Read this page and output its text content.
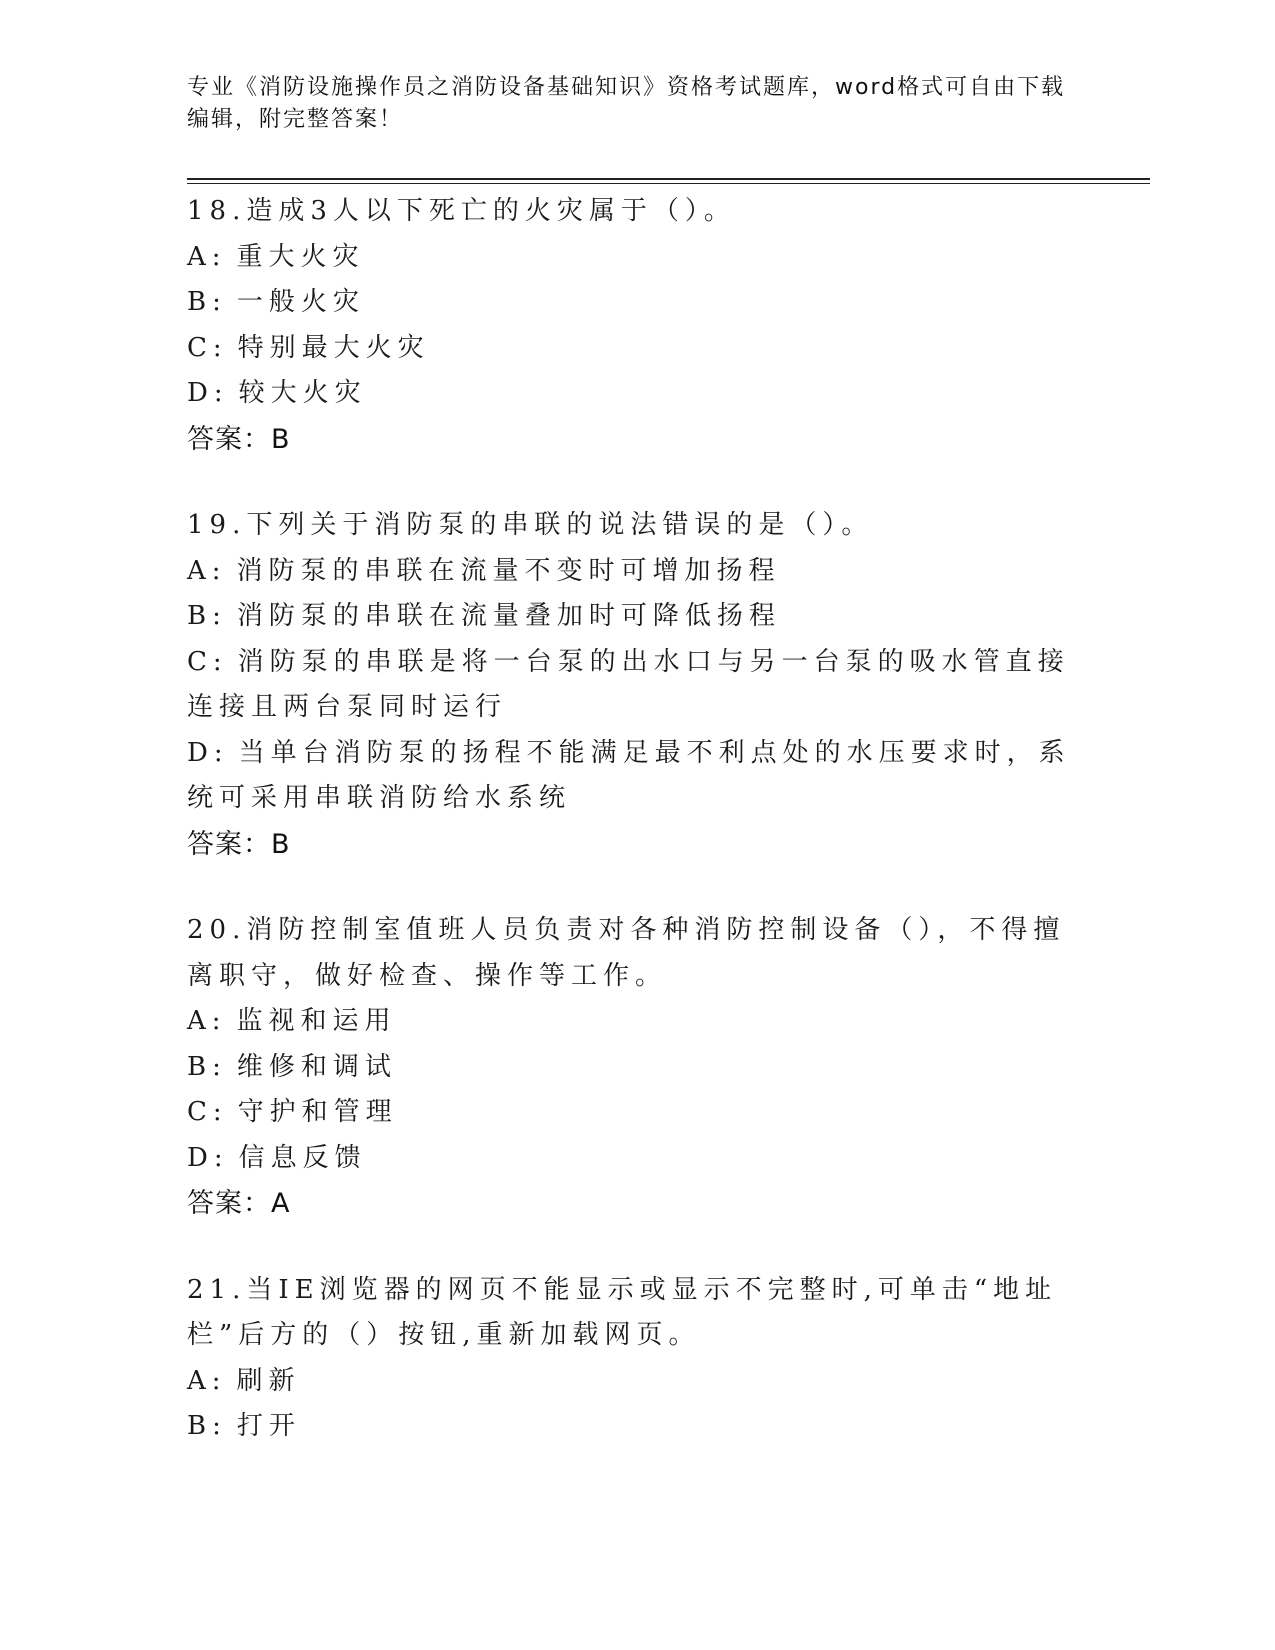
专业《消防设施操作员之消防设备基础知识》资格考试题库，word格式可自由下载编辑，附完整答案！

18.造成3人以下死亡的火灾属于（）。

A: 重大火灾

B: 一般火灾

C: 特别最大火灾

D: 较大火灾

答案：B

19.下列关于消防泵的串联的说法错误的是（）。

A: 消防泵的串联在流量不变时可增加扬程

B: 消防泵的串联在流量叠加时可降低扬程

C: 消防泵的串联是将一台泵的出水口与另一台泵的吸水管直接连接且两台泵同时运行

D: 当单台消防泵的扬程不能满足最不利点处的水压要求时，系统可采用串联消防给水系统

答案：B

20.消防控制室值班人员负责对各种消防控制设备（），不得擅离职守，做好检查、操作等工作。

A: 监视和运用

B: 维修和调试

C: 守护和管理

D: 信息反馈

答案：A

21.当IE浏览器的网页不能显示或显示不完整时,可单击“地址栏”后方的（）按钮,重新加载网页。

A: 刷新

B: 打开
